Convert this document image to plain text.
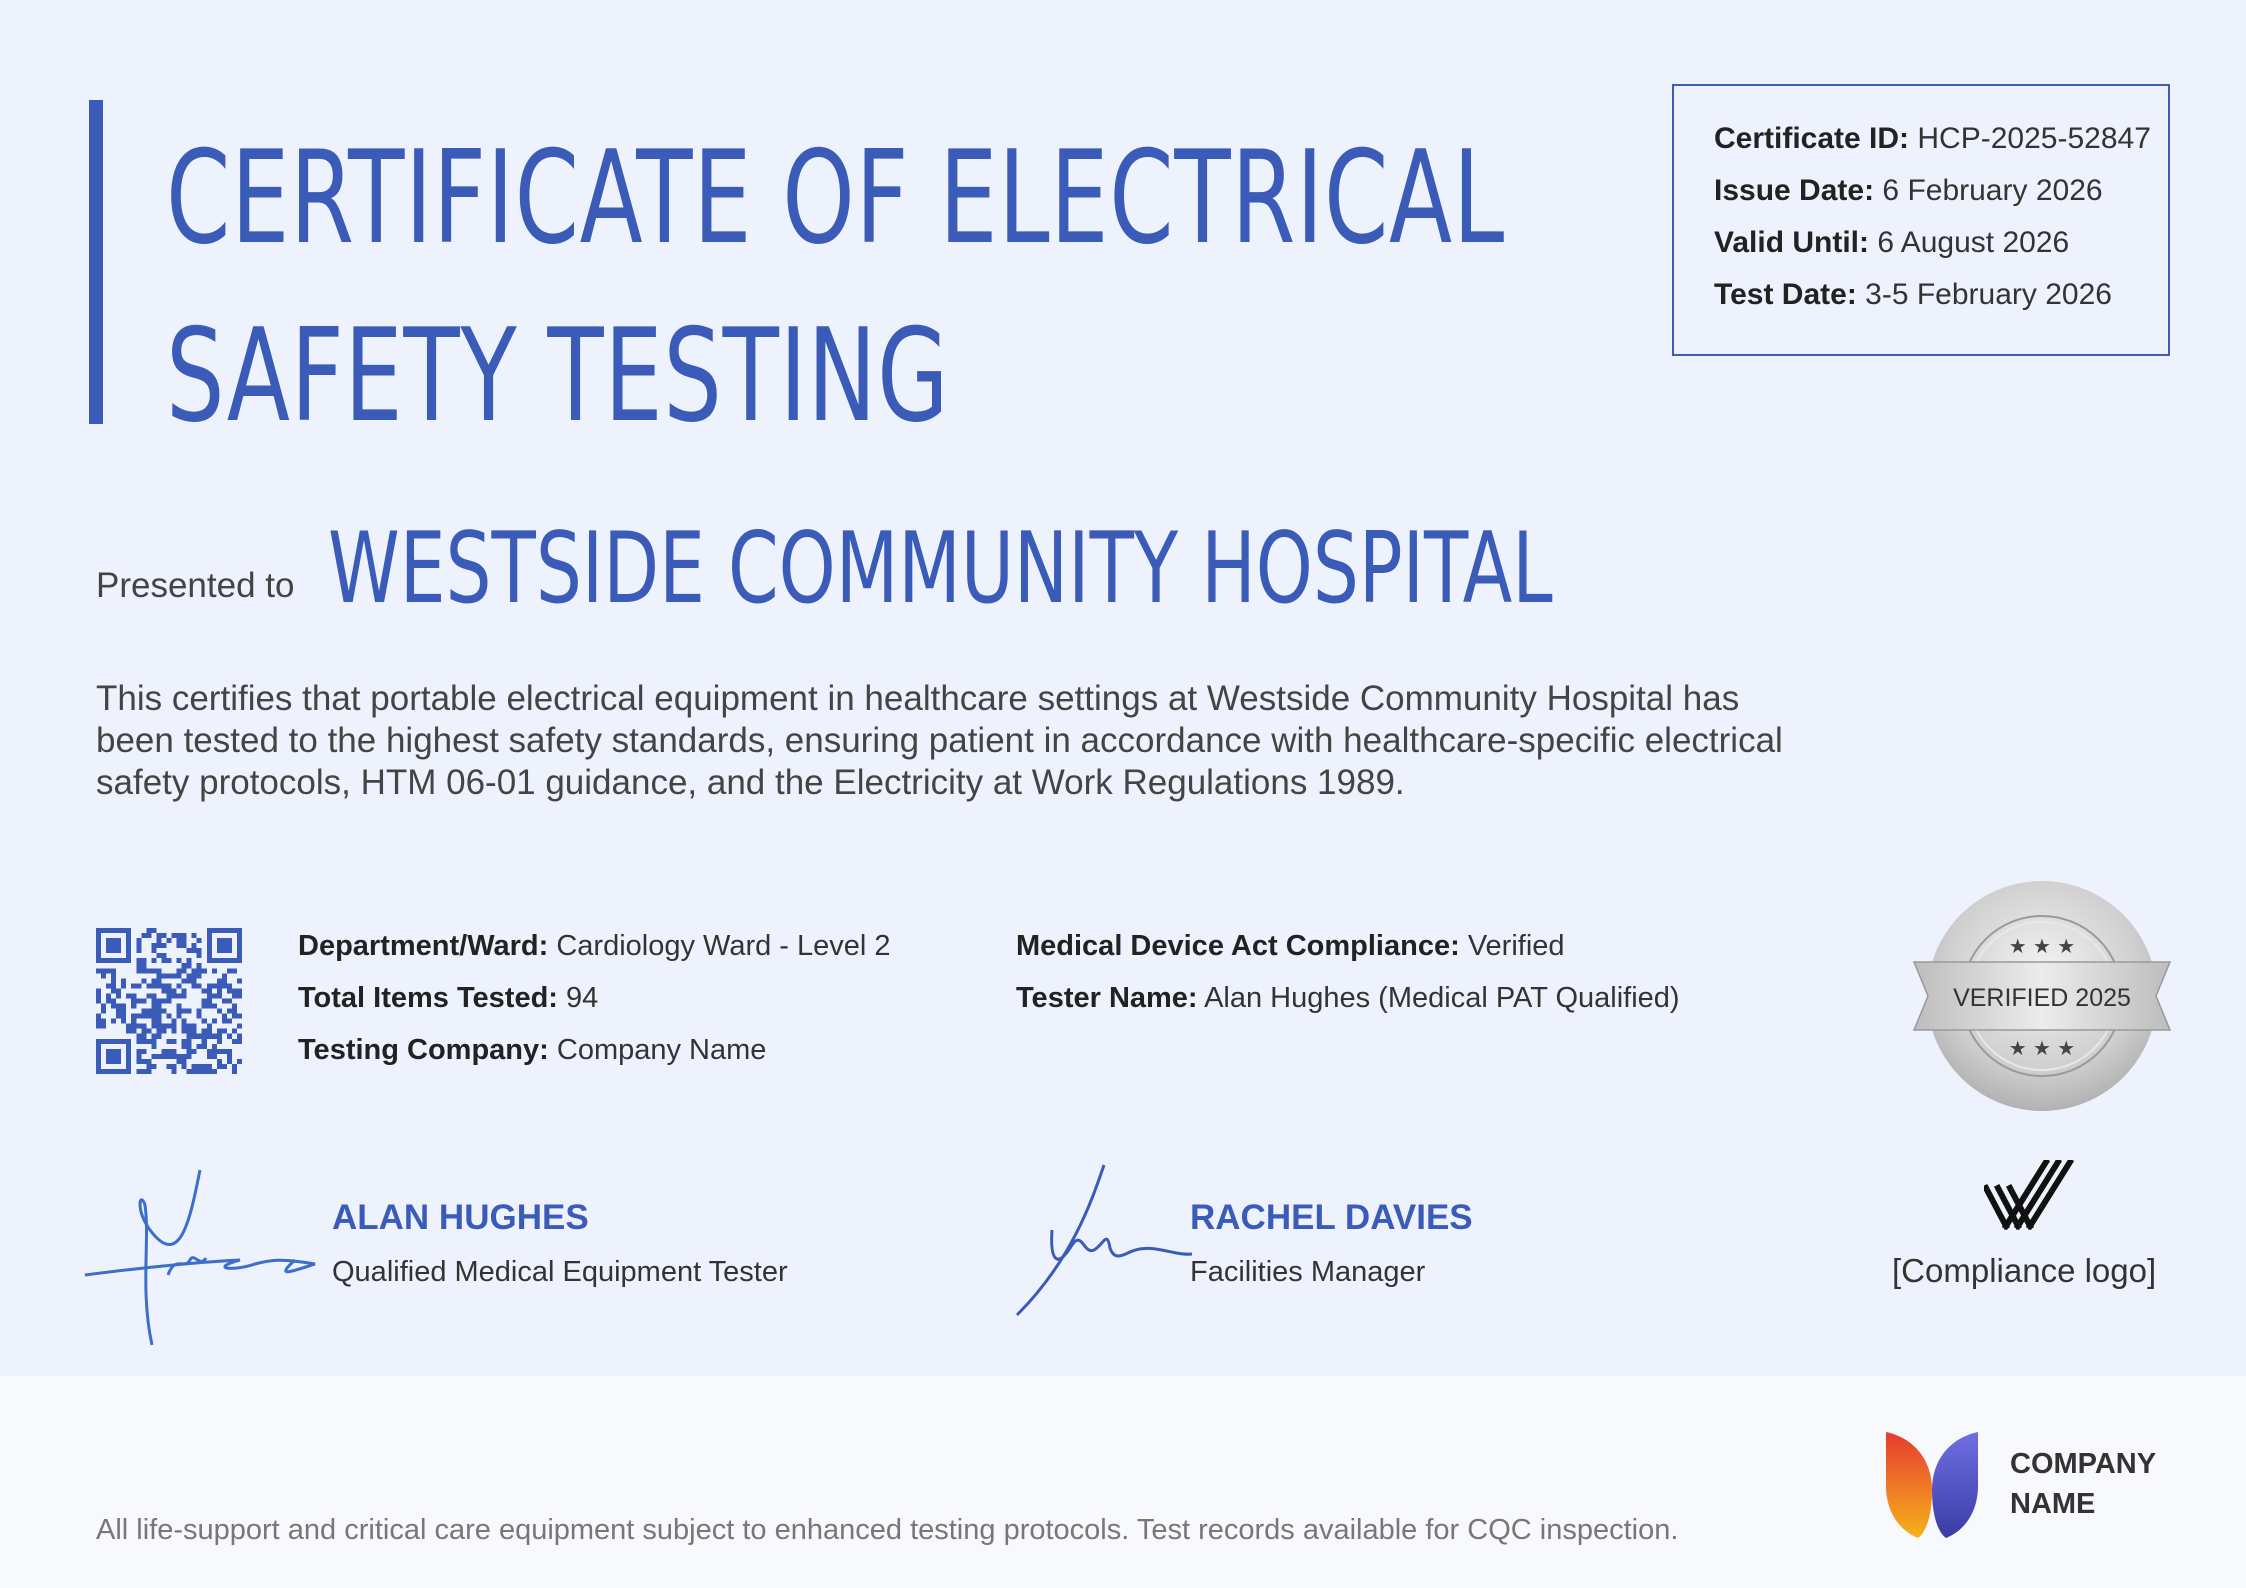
CERTIFICATE OF ELECTRICAL
SAFETY TESTING
Certificate ID: HCP-2025-52847
Issue Date: 6 February 2026
Valid Until: 6 August 2026
Test Date: 3-5 February 2026
Presented to WESTSIDE COMMUNITY HOSPITAL

This certifies that portable electrical equipment in healthcare settings at Westside Community Hospital has been tested to the highest safety standards, ensuring patient in accordance with healthcare-specific electrical safety protocols, HTM 06-01 guidance, and the Electricity at Work Regulations 1989.

Department/Ward: Cardiology Ward - Level 2
Total Items Tested: 94
Testing Company: Company Name
Medical Device Act Compliance: Verified
Tester Name: Alan Hughes (Medical PAT Qualified)
★ ★ ★
★ ★ ★
VERIFIED 2025
ALAN HUGHES
Qualified Medical Equipment Tester
RACHEL DAVIES
Facilities Manager	[Compliance logo]
All life-support and critical care equipment subject to enhanced testing protocols. Test records available for CQC inspection.
COMPANY
NAME
